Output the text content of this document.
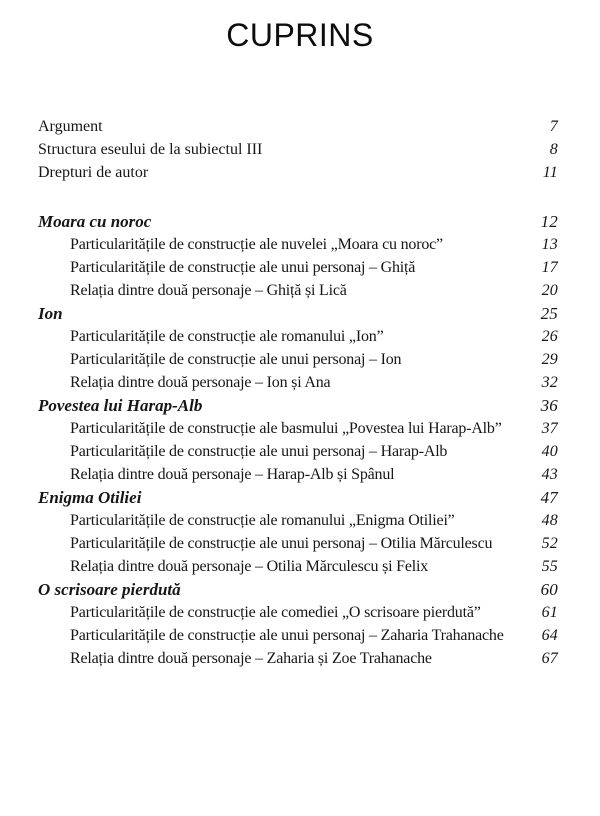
CUPRINS
Argument	7
Structura eseului de la subiectul III	8
Drepturi de autor	11
Moara cu noroc	12
Particularitățile de construcție ale nuvelei „Moara cu noroc”	13
Particularitățile de construcție ale unui personaj – Ghiță	17
Relația dintre două personaje – Ghiță și Lică	20
Ion	25
Particularitățile de construcție ale romanului „Ion”	26
Particularitățile de construcție ale unui personaj – Ion	29
Relația dintre două personaje – Ion și Ana	32
Povestea lui Harap-Alb	36
Particularitățile de construcție ale basmului „Povestea lui Harap-Alb” 37
Particularitățile de construcție ale unui personaj – Harap-Alb	40
Relația dintre două personaje – Harap-Alb și Spânul	43
Enigma Otiliei	47
Particularitățile de construcție ale romanului „Enigma Otiliei”	48
Particularitățile de construcție ale unui personaj – Otilia Mărculescu	52
Relația dintre două personaje – Otilia Mărculescu și Felix	55
O scrisoare pierdută	60
Particularitățile de construcție ale comediei „O scrisoare pierdută”	61
Particularitățile de construcție ale unui personaj – Zaharia Trahanache 64
Relația dintre două personaje – Zaharia și Zoe Trahanache	67
